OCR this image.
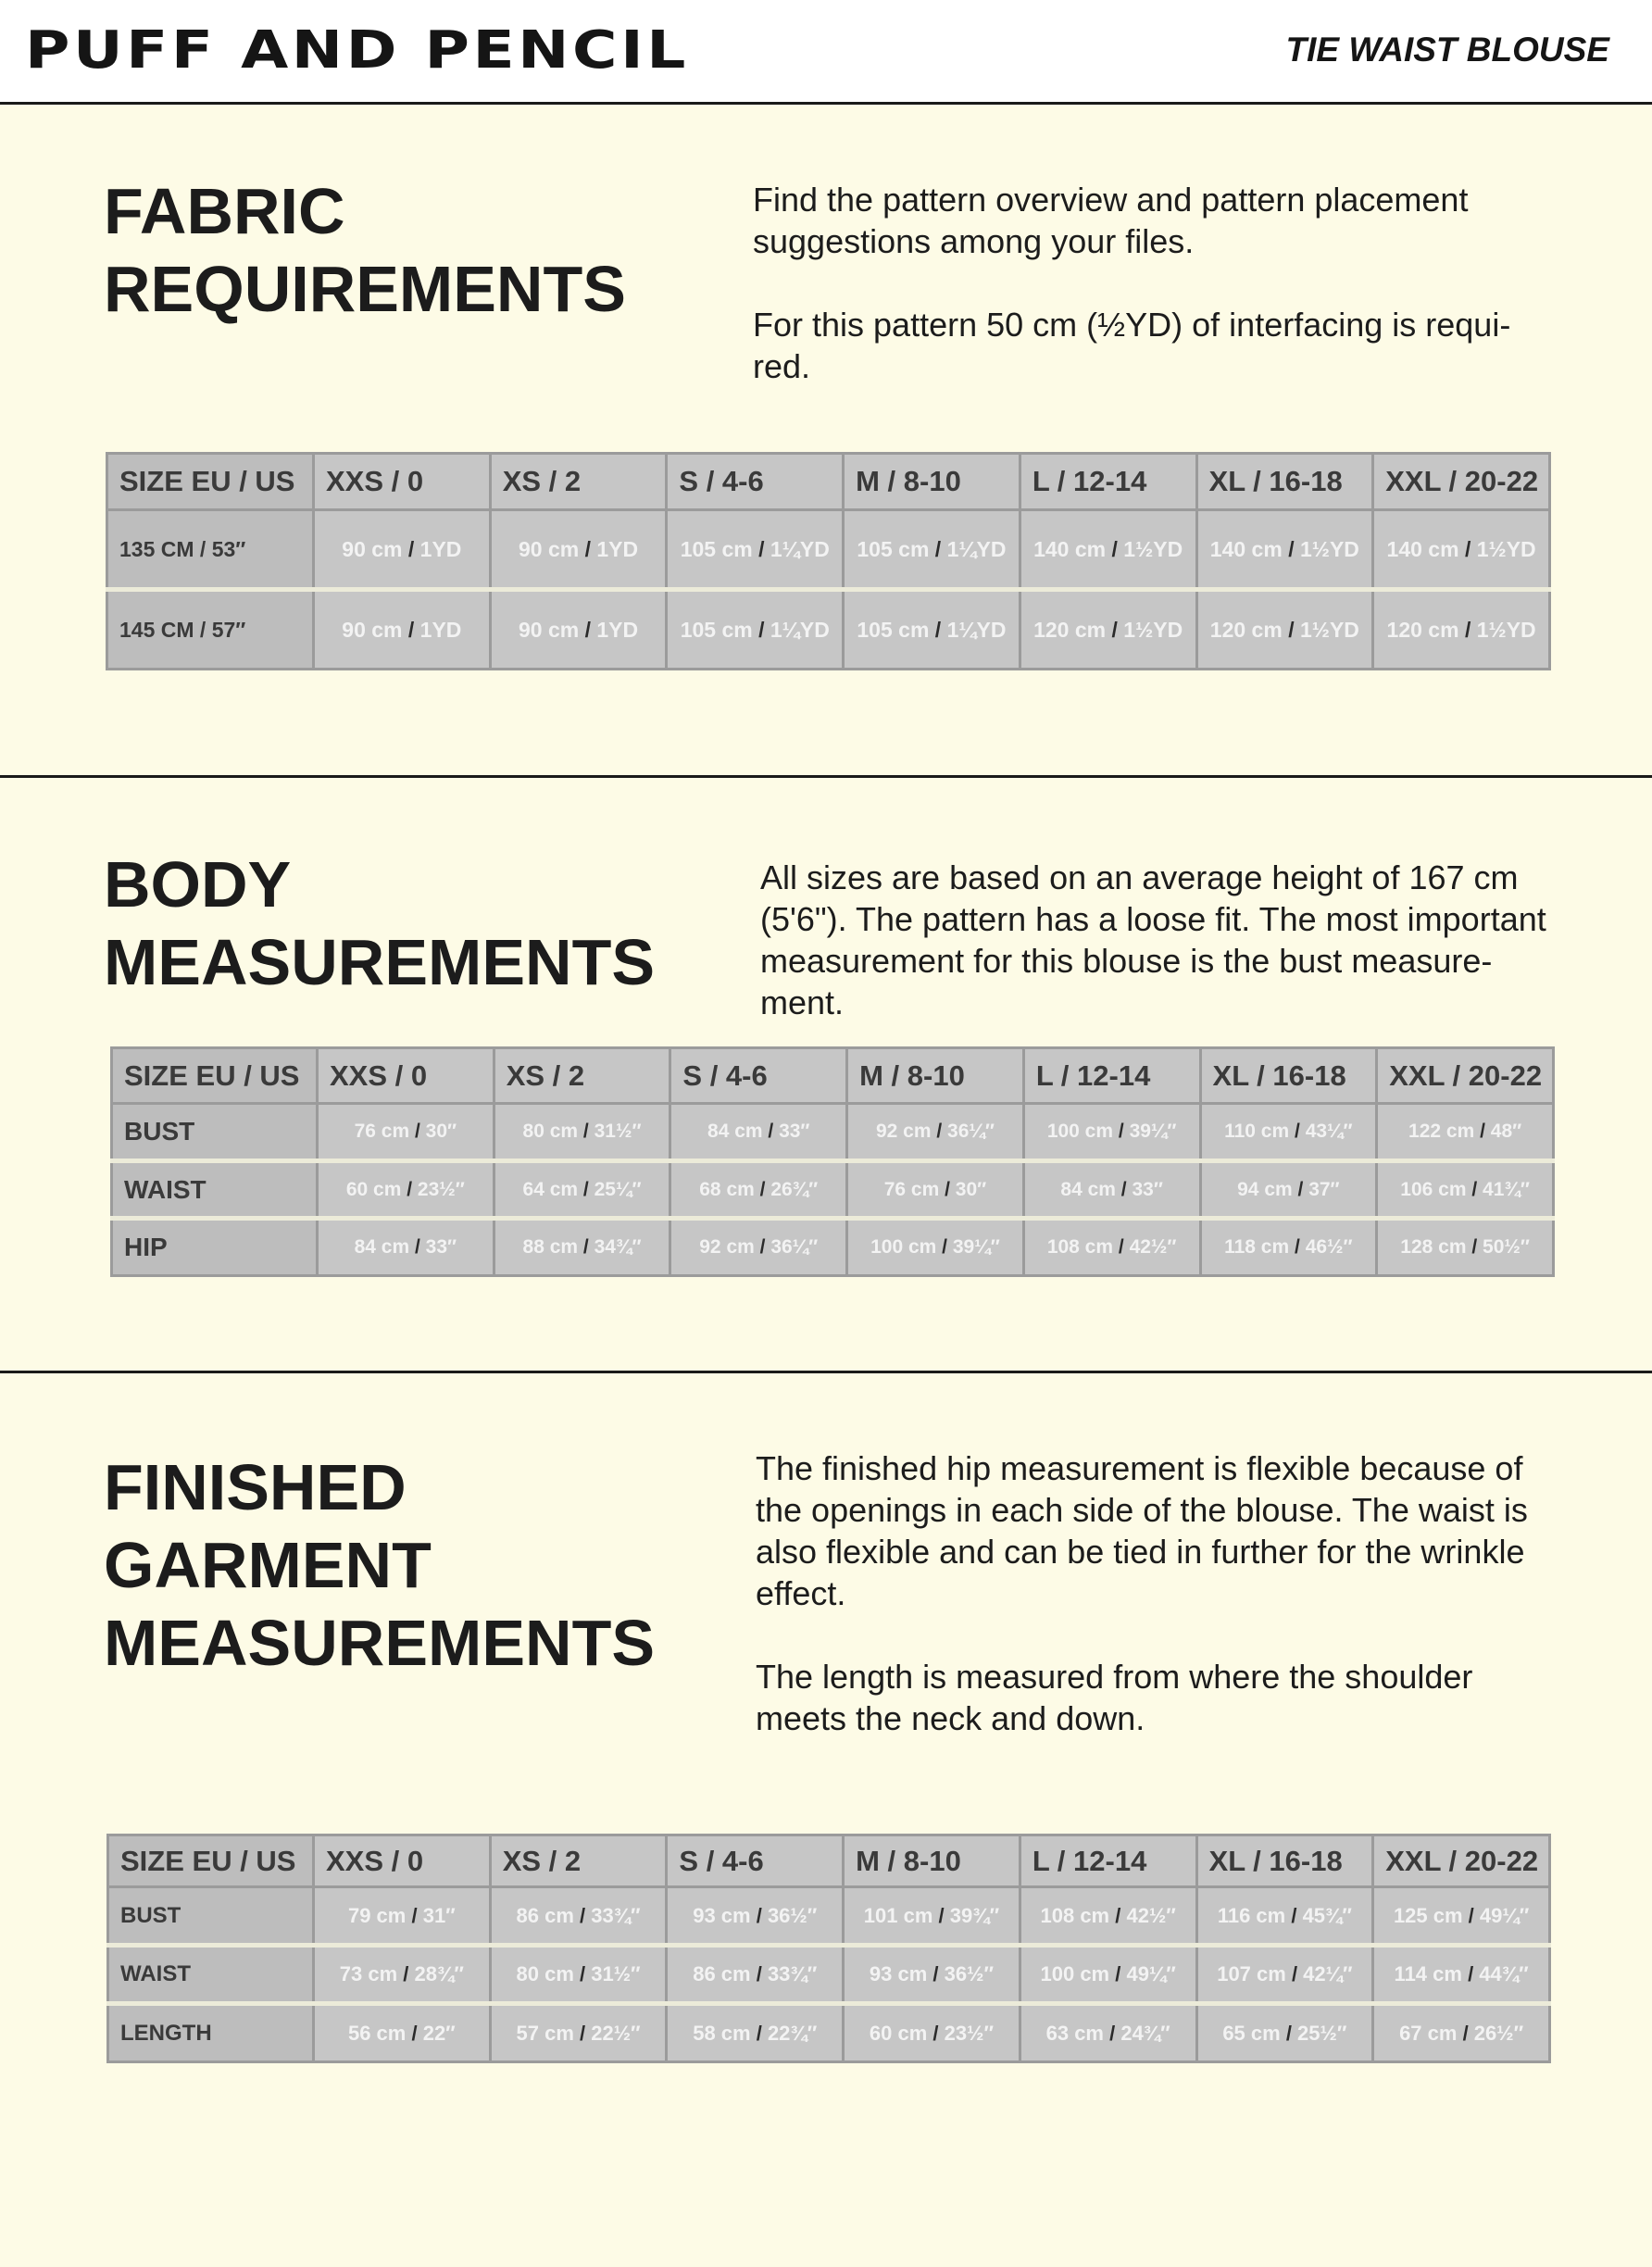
PUFF AND PENCIL	TIE WAIST BLOUSE
FABRIC
REQUIREMENTS

Find the pattern overview and pattern placement suggestions among your files.

For this pattern 50 cm (½YD) of interfacing is requi-red.

SIZE EU / US	XXS / 0	XS / 2	S / 4-6	M / 8-10	L / 12-14	XL / 16-18	XXL / 20-22
135 CM / 53″	90 cm / 1YD	90 cm / 1YD	105 cm / 1¼YD	105 cm / 1¼YD	140 cm / 1½YD	140 cm / 1½YD	140 cm / 1½YD
145 CM / 57″	90 cm / 1YD	90 cm / 1YD	105 cm / 1¼YD	105 cm / 1¼YD	120 cm / 1½YD	120 cm / 1½YD	120 cm / 1½YD
BODY
MEASUREMENTS

All sizes are based on an average height of 167 cm (5'6"). The pattern has a loose fit. The most important measurement for this blouse is the bust measure-ment.

SIZE EU / US	XXS / 0	XS / 2	S / 4-6	M / 8-10	L / 12-14	XL / 16-18	XXL / 20-22
BUST	76 cm / 30″	80 cm / 31½″	84 cm / 33″	92 cm / 36¼″	100 cm / 39¼″	110 cm / 43¼″	122 cm / 48″
WAIST	60 cm / 23½″	64 cm / 25¼″	68 cm / 26¾″	76 cm / 30″	84 cm / 33″	94 cm / 37″	106 cm / 41¾″
HIP	84 cm / 33″	88 cm / 34¾″	92 cm / 36¼″	100 cm / 39¼″	108 cm / 42½″	118 cm / 46½″	128 cm / 50½″
FINISHED
GARMENT
MEASUREMENTS

The finished hip measurement is flexible because of the openings in each side of the blouse. The waist is also flexible and can be tied in further for the wrinkle effect.

The length is measured from where the shoulder meets the neck and down.

SIZE EU / US	XXS / 0	XS / 2	S / 4-6	M / 8-10	L / 12-14	XL / 16-18	XXL / 20-22
BUST	79 cm / 31″	86 cm / 33¾″	93 cm / 36½″	101 cm / 39¾″	108 cm / 42½″	116 cm / 45¾″	125 cm / 49¼″
WAIST	73 cm / 28¾″	80 cm / 31½″	86 cm / 33¾″	93 cm / 36½″	100 cm / 49¼″	107 cm / 42¼″	114 cm / 44¾″
LENGTH	56 cm / 22″	57 cm / 22½″	58 cm / 22¾″	60 cm / 23½″	63 cm / 24¾″	65 cm / 25½″	67 cm / 26½″
